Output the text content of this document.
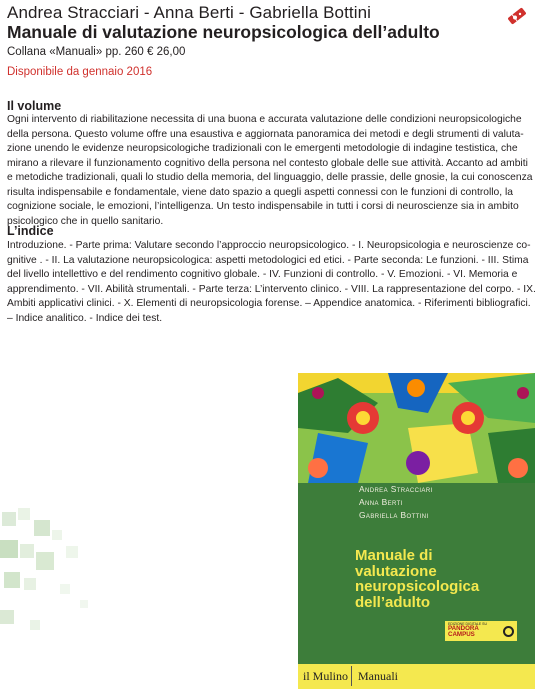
Andrea Stracciari - Anna Berti - Gabriella Bottini
Manuale di valutazione neuropsicologica dell’adulto
Collana «Manuali» pp. 260 € 26,00
Disponibile da gennaio 2016
Il volume
Ogni intervento di riabilitazione necessita di una buona e accurata valutazione delle condizioni neuropsicologiche
della persona. Questo volume offre una esaustiva e aggiornata panoramica dei metodi e degli strumenti di valuta-
zione unendo le evidenze neuropsicologiche tradizionali con le emergenti metodologie di indagine testistica, che
mirano a rilevare il funzionamento cognitivo della persona nel contesto globale delle sue attività. Accanto ad ambiti
e metodiche tradizionali, quali lo studio della memoria, del linguaggio, delle prassie, delle gnosie, la cui conoscenza
risulta indispensabile e fondamentale, viene dato spazio a quegli aspetti connessi con le funzioni di controllo, la
cognizione sociale, le emozioni, l’intelligenza. Un testo indispensabile in tutti i corsi di neuroscienze sia in ambito
psicologico che in quello sanitario.
L’indice
Introduzione. - Parte prima: Valutare secondo l’approccio neuropsicologico. - I. Neuropsicologia e neuroscienze co-
gnitive . - II. La valutazione neuropsicologica: aspetti metodologici ed etici. - Parte seconda: Le funzioni. - III. Stima
del livello intellettivo e del rendimento cognitivo globale. - IV. Funzioni di controllo. - V. Emozioni. - VI. Memoria e
apprendimento. - VII. Abilità strumentali. - Parte terza: L’intervento clinico. - VIII. La rappresentazione del corpo. - IX.
Ambiti applicativi clinici. - X. Elementi di neuropsicologia forense. – Appendice anatomica. - Riferimenti bibliografici.
– Indice analitico. - Indice dei test.
Andrea Stracciari
Anna Berti
Gabriella Bottini
Manuale di
valutazione
neuropsicologica
dell’adulto
EDIZIONE DIGITALE SU
PANDORA
CAMPUS
il Mulino Manuali
